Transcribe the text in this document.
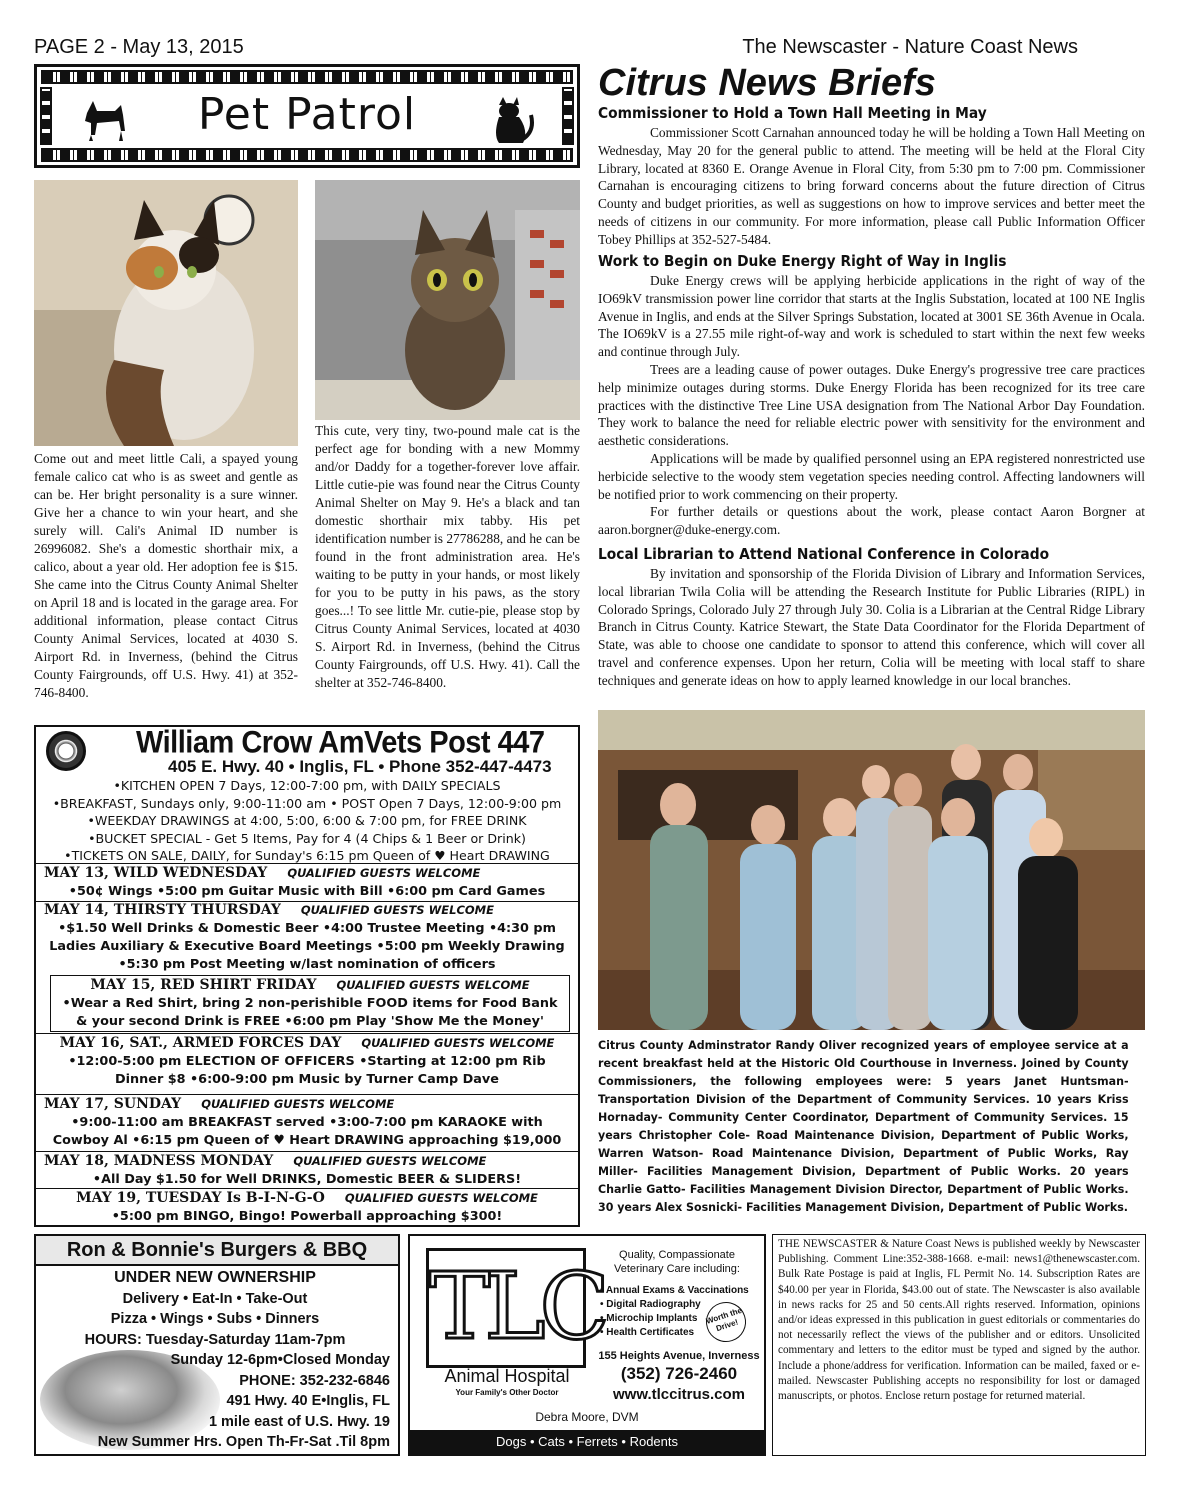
PAGE 2 - May 13, 2015	The Newscaster - Nature Coast News
Pet Patrol
Come out and meet little Cali, a spayed young female calico cat who is as sweet and gentle as can be. Her bright personality is a sure winner. Give her a chance to win your heart, and she surely will. Cali's Animal ID number is 26996082. She's a domestic shorthair mix, a calico, about a year old. Her adoption fee is $15. She came into the Citrus County Animal Shelter on April 18 and is located in the garage area. For additional information, please contact Citrus County Animal Services, located at 4030 S. Airport Rd. in Inverness, (behind the Citrus County Fairgrounds, off U.S. Hwy. 41) at 352-746-8400.
This cute, very tiny, two-pound male cat is the perfect age for bonding with a new Mommy and/or Daddy for a together-forever love affair. Little cutie-pie was found near the Citrus County Animal Shelter on May 9. He's a black and tan domestic shorthair mix tabby. His pet identification number is 27786288, and he can be found in the front administration area. He's waiting to be putty in your hands, or most likely for you to be putty in his paws, as the story goes...! To see little Mr. cutie-pie, please stop by Citrus County Animal Services, located at 4030 S. Airport Rd. in Inverness, (behind the Citrus County Fairgrounds, off U.S. Hwy. 41). Call the shelter at 352-746-8400.
William Crow AmVets Post 447
405 E. Hwy. 40 • Inglis, FL • Phone 352-447-4473
•KITCHEN OPEN 7 Days, 12:00-7:00 pm, with DAILY SPECIALS
•BREAKFAST, Sundays only, 9:00-11:00 am • POST Open 7 Days, 12:00-9:00 pm
•WEEKDAY DRAWINGS at 4:00, 5:00, 6:00 & 7:00 pm, for FREE DRINK
•BUCKET SPECIAL - Get 5 Items, Pay for 4 (4 Chips & 1 Beer or Drink)
•TICKETS ON SALE, DAILY, for Sunday's 6:15 pm Queen of ♥ Heart DRAWING
MAY 13, WILD WEDNESDAY QUALIFIED GUESTS WELCOME
•50¢ Wings •5:00 pm Guitar Music with Bill •6:00 pm Card Games
MAY 14, THIRSTY THURSDAY QUALIFIED GUESTS WELCOME
•$1.50 Well Drinks & Domestic Beer •4:00 Trustee Meeting •4:30 pm Ladies Auxiliary & Executive Board Meetings •5:00 pm Weekly Drawing •5:30 pm Post Meeting w/last nomination of officers
MAY 15, RED SHIRT FRIDAY QUALIFIED GUESTS WELCOME
•Wear a Red Shirt, bring 2 non-perishible FOOD items for Food Bank & your second Drink is FREE •6:00 pm Play 'Show Me the Money'
MAY 16, SAT., ARMED FORCES DAY QUALIFIED GUESTS WELCOME
•12:00-5:00 pm ELECTION OF OFFICERS •Starting at 12:00 pm Rib Dinner $8 •6:00-9:00 pm Music by Turner Camp Dave
MAY 17, SUNDAY QUALIFIED GUESTS WELCOME
•9:00-11:00 am BREAKFAST served •3:00-7:00 pm KARAOKE with Cowboy Al •6:15 pm Queen of ♥ Heart DRAWING approaching $19,000
MAY 18, MADNESS MONDAY QUALIFIED GUESTS WELCOME
•All Day $1.50 for Well DRINKS, Domestic BEER & SLIDERS!
MAY 19, TUESDAY Is B-I-N-G-O QUALIFIED GUESTS WELCOME
•5:00 pm BINGO, Bingo! Powerball approaching $300!
Ron & Bonnie's Burgers & BBQ
UNDER NEW OWNERSHIP
Delivery • Eat-In • Take-Out
Pizza • Wings • Subs • Dinners
HOURS: Tuesday-Saturday 11am-7pm
Sunday 12-6pm•Closed Monday
PHONE: 352-232-6846
491 Hwy. 40 E•Inglis, FL
1 mile east of U.S. Hwy. 19
New Summer Hrs. Open Th-Fr-Sat .Til 8pm
TLC
Animal Hospital
Your Family's Other Doctor
Quality, Compassionate Veterinary Care including:
• Annual Exams & Vaccinations
• Digital Radiography
• Microchip Implants
• Health Certificates
Worth the Drive!
155 Heights Avenue, Inverness
(352) 726-2460
www.tlccitrus.com
Debra Moore, DVM
Dogs • Cats • Ferrets • Rodents
THE NEWSCASTER & Nature Coast News is published weekly by Newscaster Publishing. Comment Line:352-388-1668. e-mail: news1@thenewscaster.com. Bulk Rate Postage is paid at Inglis, FL Permit No. 14. Subscription Rates are $40.00 per year in Florida, $43.00 out of state. The Newscaster is also available in news racks for 25 and 50 cents.All rights reserved. Information, opinions and/or ideas expressed in this publication in guest editorials or commentaries do not necessarily reflect the views of the publisher and or editors. Unsolicited commentary and letters to the editor must be typed and signed by the author. Include a phone/address for verification. Information can be mailed, faxed or e-mailed. Newscaster Publishing accepts no responsibility for lost or damaged manuscripts, or photos. Enclose return postage for returned material.
Citrus News Briefs
Commissioner to Hold a Town Hall Meeting in May

Commissioner Scott Carnahan announced today he will be holding a Town Hall Meeting on Wednesday, May 20 for the general public to attend. The meeting will be held at the Floral City Library, located at 8360 E. Orange Avenue in Floral City, from 5:30 pm to 7:00 pm. Commissioner Carnahan is encouraging citizens to bring forward concerns about the future direction of Citrus County and budget priorities, as well as suggestions on how to improve services and better meet the needs of citizens in our community. For more information, please call Public Information Officer Tobey Phillips at 352-527-5484.

Work to Begin on Duke Energy Right of Way in Inglis

Duke Energy crews will be applying herbicide applications in the right of way of the IO69kV transmission power line corridor that starts at the Inglis Substation, located at 100 NE Inglis Avenue in Inglis, and ends at the Silver Springs Substation, located at 3001 SE 36th Avenue in Ocala. The IO69kV is a 27.55 mile right-of-way and work is scheduled to start within the next few weeks and continue through July.

Trees are a leading cause of power outages. Duke Energy's progressive tree care practices help minimize outages during storms. Duke Energy Florida has been recognized for its tree care practices with the distinctive Tree Line USA designation from The National Arbor Day Foundation. They work to balance the need for reliable electric power with sensitivity for the environment and aesthetic considerations.

Applications will be made by qualified personnel using an EPA registered nonrestricted use herbicide selective to the woody stem vegetation species needing control. Affecting landowners will be notified prior to work commencing on their property.

For further details or questions about the work, please contact Aaron Borgner at aaron.borgner@duke-energy.com.

Local Librarian to Attend National Conference in Colorado

By invitation and sponsorship of the Florida Division of Library and Information Services, local librarian Twila Colia will be attending the Research Institute for Public Libraries (RIPL) in Colorado Springs, Colorado July 27 through July 30. Colia is a Librarian at the Central Ridge Library Branch in Citrus County. Katrice Stewart, the State Data Coordinator for the Florida Department of State, was able to choose one candidate to sponsor to attend this conference, which will cover all travel and conference expenses. Upon her return, Colia will be meeting with local staff to share techniques and generate ideas on how to apply learned knowledge in our local branches.

Citrus County Adminstrator Randy Oliver recognized years of employee service at a recent breakfast held at the Historic Old Courthouse in Inverness. Joined by County Commissioners, the following employees were: 5 years Janet Huntsman-Transportation Division of the Department of Community Services. 10 years Kriss Hornaday- Community Center Coordinator, Department of Community Services. 15 years Christopher Cole- Road Maintenance Division, Department of Public Works, Warren Watson- Road Maintenance Division, Department of Public Works, Ray Miller- Facilities Management Division, Department of Public Works. 20 years Charlie Gatto- Facilities Management Division Director, Department of Public Works. 30 years Alex Sosnicki- Facilities Management Division, Department of Public Works.
